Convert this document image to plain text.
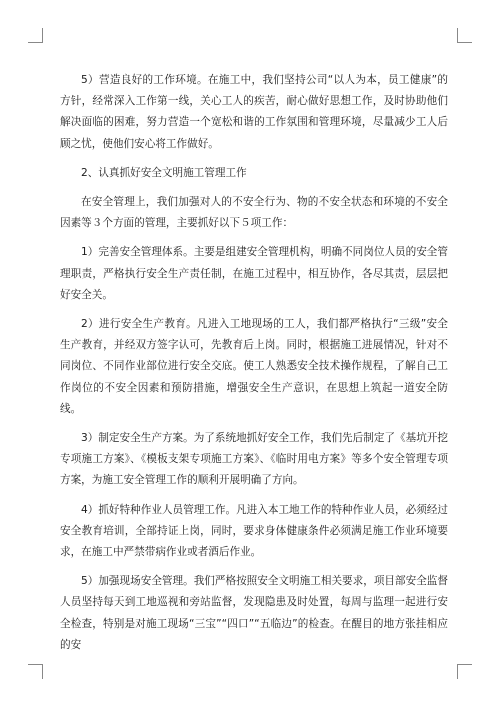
5）营造良好的工作环境。在施工中，我们坚持公司“以人为本，员工健康”的方针，经常深入工作第一线，关心工人的疾苦，耐心做好思想工作，及时协助他们解决面临的困难，努力营造一个宽松和谐的工作氛围和管理环境，尽量减少工人后顾之忧，使他们安心将工作做好。

2、认真抓好安全文明施工管理工作

在安全管理上，我们加强对人的不安全行为、物的不安全状态和环境的不安全因素等３个方面的管理，主要抓好以下５项工作：

1）完善安全管理体系。主要是组建安全管理机构，明确不同岗位人员的安全管理职责，严格执行安全生产责任制，在施工过程中，相互协作，各尽其责，层层把好安全关。

2）进行安全生产教育。凡进入工地现场的工人，我们都严格执行“三级”安全生产教育，并经双方签字认可，先教育后上岗。同时，根据施工进展情况，针对不同岗位、不同作业部位进行安全交底。使工人熟悉安全技术操作规程，了解自己工作岗位的不安全因素和预防措施，增强安全生产意识，在思想上筑起一道安全防线。

3）制定安全生产方案。为了系统地抓好安全工作，我们先后制定了《基坑开挖专项施工方案》、《模板支架专项施工方案》、《临时用电方案》等多个安全管理专项方案，为施工安全管理工作的顺利开展明确了方向。

4）抓好特种作业人员管理工作。凡进入本工地工作的特种作业人员，必须经过安全教育培训，全部持证上岗，同时，要求身体健康条件必须满足施工作业环境要求，在施工中严禁带病作业或者酒后作业。

5）加强现场安全管理。我们严格按照安全文明施工相关要求，项目部安全监督人员坚持每天到工地巡视和旁站监督，发现隐患及时处置，每周与监理一起进行安全检查，特别是对施工现场“三宝”“四口”“五临边”的检查。在醒目的地方张挂相应的安
